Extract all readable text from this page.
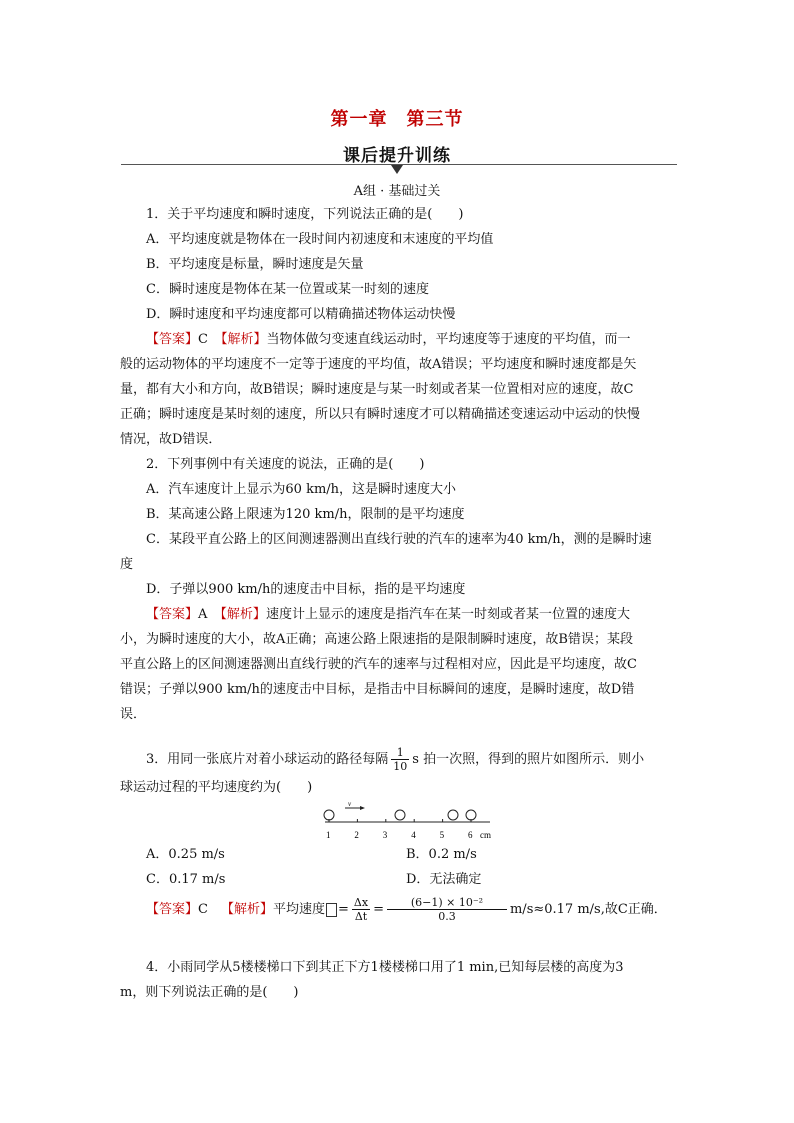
第一章　第三节
课后提升训练
A组 · 基础过关
1．关于平均速度和瞬时速度，下列说法正确的是(　　)
A．平均速度就是物体在一段时间内初速度和末速度的平均值
B．平均速度是标量，瞬时速度是矢量
C．瞬时速度是物体在某一位置或某一时刻的速度
D．瞬时速度和平均速度都可以精确描述物体运动快慢
【答案】C　 【解析】当物体做匀变速直线运动时，平均速度等于速度的平均值，而一
般的运动物体的平均速度不一定等于速度的平均值，故A错误；平均速度和瞬时速度都是矢
量，都有大小和方向，故B错误；瞬时速度是与某一时刻或者某一位置相对应的速度，故C
正确；瞬时速度是某时刻的速度，所以只有瞬时速度才可以精确描述变速运动中运动的快慢
情况，故D错误．
2．下列事例中有关速度的说法，正确的是(　　)
A．汽车速度计上显示为60 km/h，这是瞬时速度大小
B．某高速公路上限速为120 km/h，限制的是平均速度
C．某段平直公路上的区间测速器测出直线行驶的汽车的速率为40 km/h，测的是瞬时速
度
D．子弹以900 km/h的速度击中目标，指的是平均速度
【答案】A　 【解析】速度计上显示的速度是指汽车在某一时刻或者某一位置的速度大
小，为瞬时速度的大小，故A正确；高速公路上限速指的是限制瞬时速度，故B错误；某段
平直公路上的区间测速器测出直线行驶的汽车的速率与过程相对应，因此是平均速度，故C
错误；子弹以900 km/h的速度击中目标，是指击中目标瞬间的速度，是瞬时速度，故D错
误．
3．用同一张底片对着小球运动的路径每隔 $\frac{1}{10}$ s 拍一次照，得到的照片如图所示．则小
球运动过程的平均速度约为(　　)
v
1	2	3	4	5	6 cm
A．0.25 m/s	B．0.2 m/s
C．0.17 m/s	D．无法确定
【答案】 C
　 【解析】 平均速度 = $\frac{\Delta x}{\Delta t} = \frac{\text{(6−1) × 10⁻²}}{0.3} m/s\approx 0.17$ m/s,故C正确．
4．小雨同学从5楼楼梯口下到其正下方1楼楼梯口用了1 min,已知每层楼的高度为3
m，则下列说法正确的是(　　)
